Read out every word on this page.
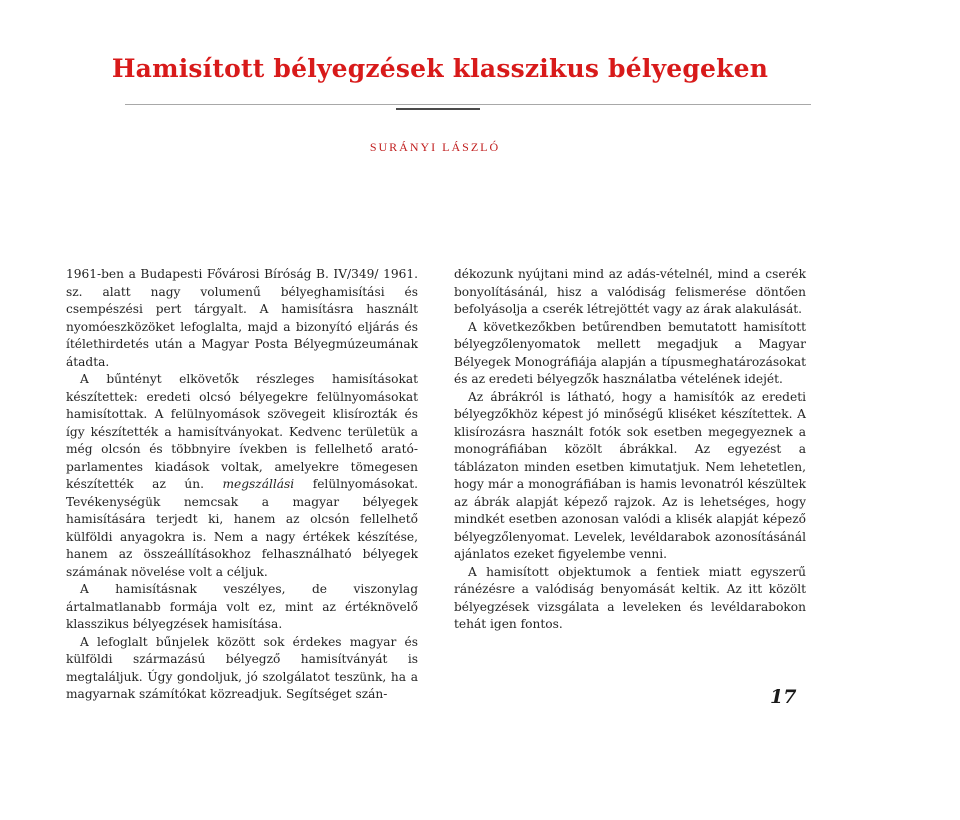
Hamisított bélyegzések klasszikus bélyegeken
SURÁNYI LÁSZLÓ

1961-ben a Budapesti Fővárosi Bíróság B. IV/349/ 1961. sz. alatt nagy volumenű bélyeghamisítási és csempészési pert tárgyalt. A hamisításra használt nyomóeszközöket lefoglalta, majd a bizonyító eljárás és ítélethirdetés után a Magyar Posta Bélyegmúzeumának átadta.

A bűntényt elkövetők részleges hamisításokat készítettek: eredeti olcsó bélyegekre felülnyomásokat hamisítottak. A felülnyomások szövegeit klisírozták és így készítették a hamisítványokat. Kedvenc területük a még olcsón és többnyire ívekben is fellelhető arató-parlamentes kiadások voltak, amelyekre tömegesen készítették az ún. megszállási felülnyomásokat. Tevékenységük nemcsak a magyar bélyegek hamisítására terjedt ki, hanem az olcsón fellelhető külföldi anyagokra is. Nem a nagy értékek készítése, hanem az összeállításokhoz felhasználható bélyegek számának növelése volt a céljuk.

A hamisításnak veszélyes, de viszonylag ártalmatlanabb formája volt ez, mint az értéknövelő klasszikus bélyegzések hamisítása.

A lefoglalt bűnjelek között sok érdekes magyar és külföldi származású bélyegző hamisítványát is megtaláljuk. Úgy gondoljuk, jó szolgálatot teszünk, ha a magyarnak számítókat közreadjuk. Segítséget szán-

dékozunk nyújtani mind az adás-vételnél, mind a cserék bonyolításánál, hisz a valódiság felismerése döntően befolyásolja a cserék létrejöttét vagy az árak alakulását.

A következőkben betűrendben bemutatott hamisított bélyegzőlenyomatok mellett megadjuk a Magyar Bélyegek Monográfiája alapján a típusmeghatározásokat és az eredeti bélyegzők használatba vételének idejét.

Az ábrákról is látható, hogy a hamisítók az eredeti bélyegzőkhöz képest jó minőségű kliséket készítettek. A klisírozásra használt fotók sok esetben megegyeznek a monográfiában közölt ábrákkal. Az egyezést a táblázaton minden esetben kimutatjuk. Nem lehetetlen, hogy már a monográfiában is hamis levonatról készültek az ábrák alapját képező rajzok. Az is lehetséges, hogy mindkét esetben azonosan valódi a klisék alapját képező bélyegzőlenyomat. Levelek, levéldarabok azonosításánál ajánlatos ezeket figyelembe venni.

A hamisított objektumok a fentiek miatt egyszerű ránézésre a valódiság benyomását keltik. Az itt közölt bélyegzések vizsgálata a leveleken és levéldarabokon tehát igen fontos.

17
